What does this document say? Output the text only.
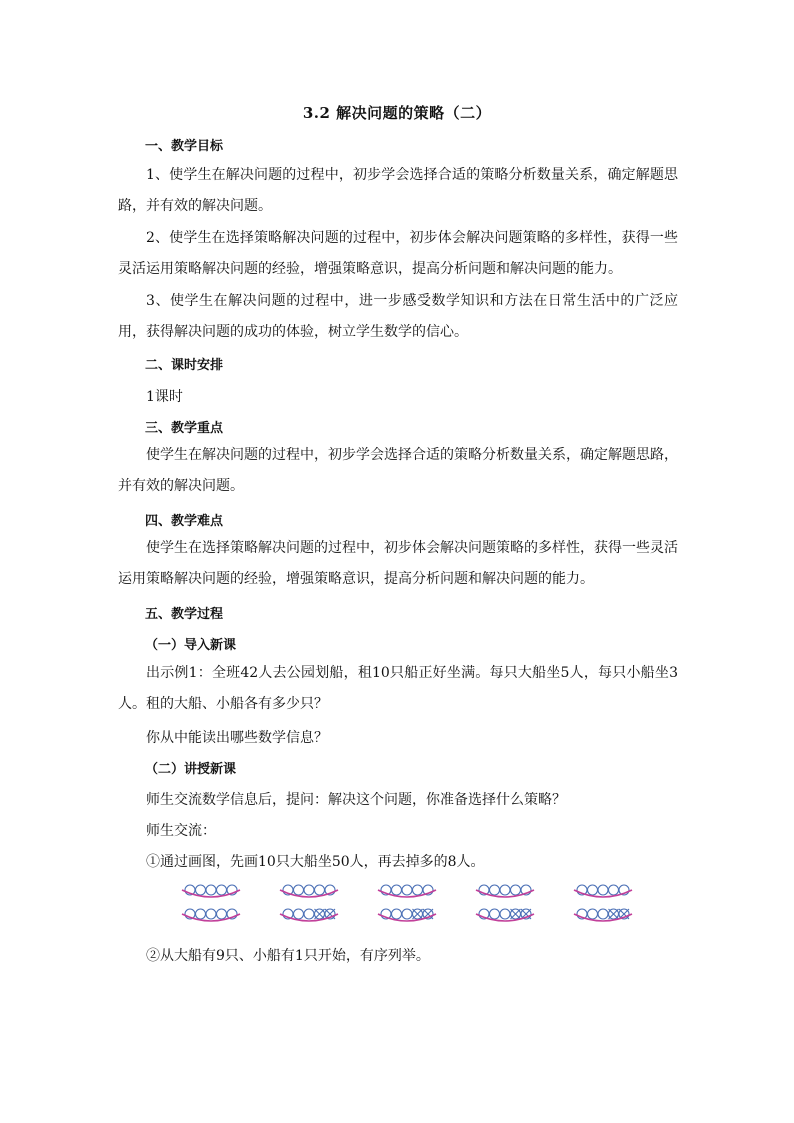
3.2 解决问题的策略（二）
一、教学目标
1、使学生在解决问题的过程中，初步学会选择合适的策略分析数量关系，确定解题思路，并有效的解决问题。
2、使学生在选择策略解决问题的过程中，初步体会解决问题策略的多样性，获得一些灵活运用策略解决问题的经验，增强策略意识，提高分析问题和解决问题的能力。
3、使学生在解决问题的过程中，进一步感受数学知识和方法在日常生活中的广泛应用，获得解决问题的成功的体验，树立学生数学的信心。
二、课时安排
1课时
三、教学重点
使学生在解决问题的过程中，初步学会选择合适的策略分析数量关系，确定解题思路，并有效的解决问题。
四、教学难点
使学生在选择策略解决问题的过程中，初步体会解决问题策略的多样性，获得一些灵活运用策略解决问题的经验，增强策略意识，提高分析问题和解决问题的能力。
五、教学过程
（一）导入新课
出示例1：全班42人去公园划船，租10只船正好坐满。每只大船坐5人，每只小船坐3人。租的大船、小船各有多少只？
你从中能读出哪些数学信息？
（二）讲授新课
师生交流数学信息后，提问：解决这个问题，你准备选择什么策略？
师生交流：
①通过画图，先画10只大船坐50人，再去掉多的8人。
②从大船有9只、小船有1只开始，有序列举。
